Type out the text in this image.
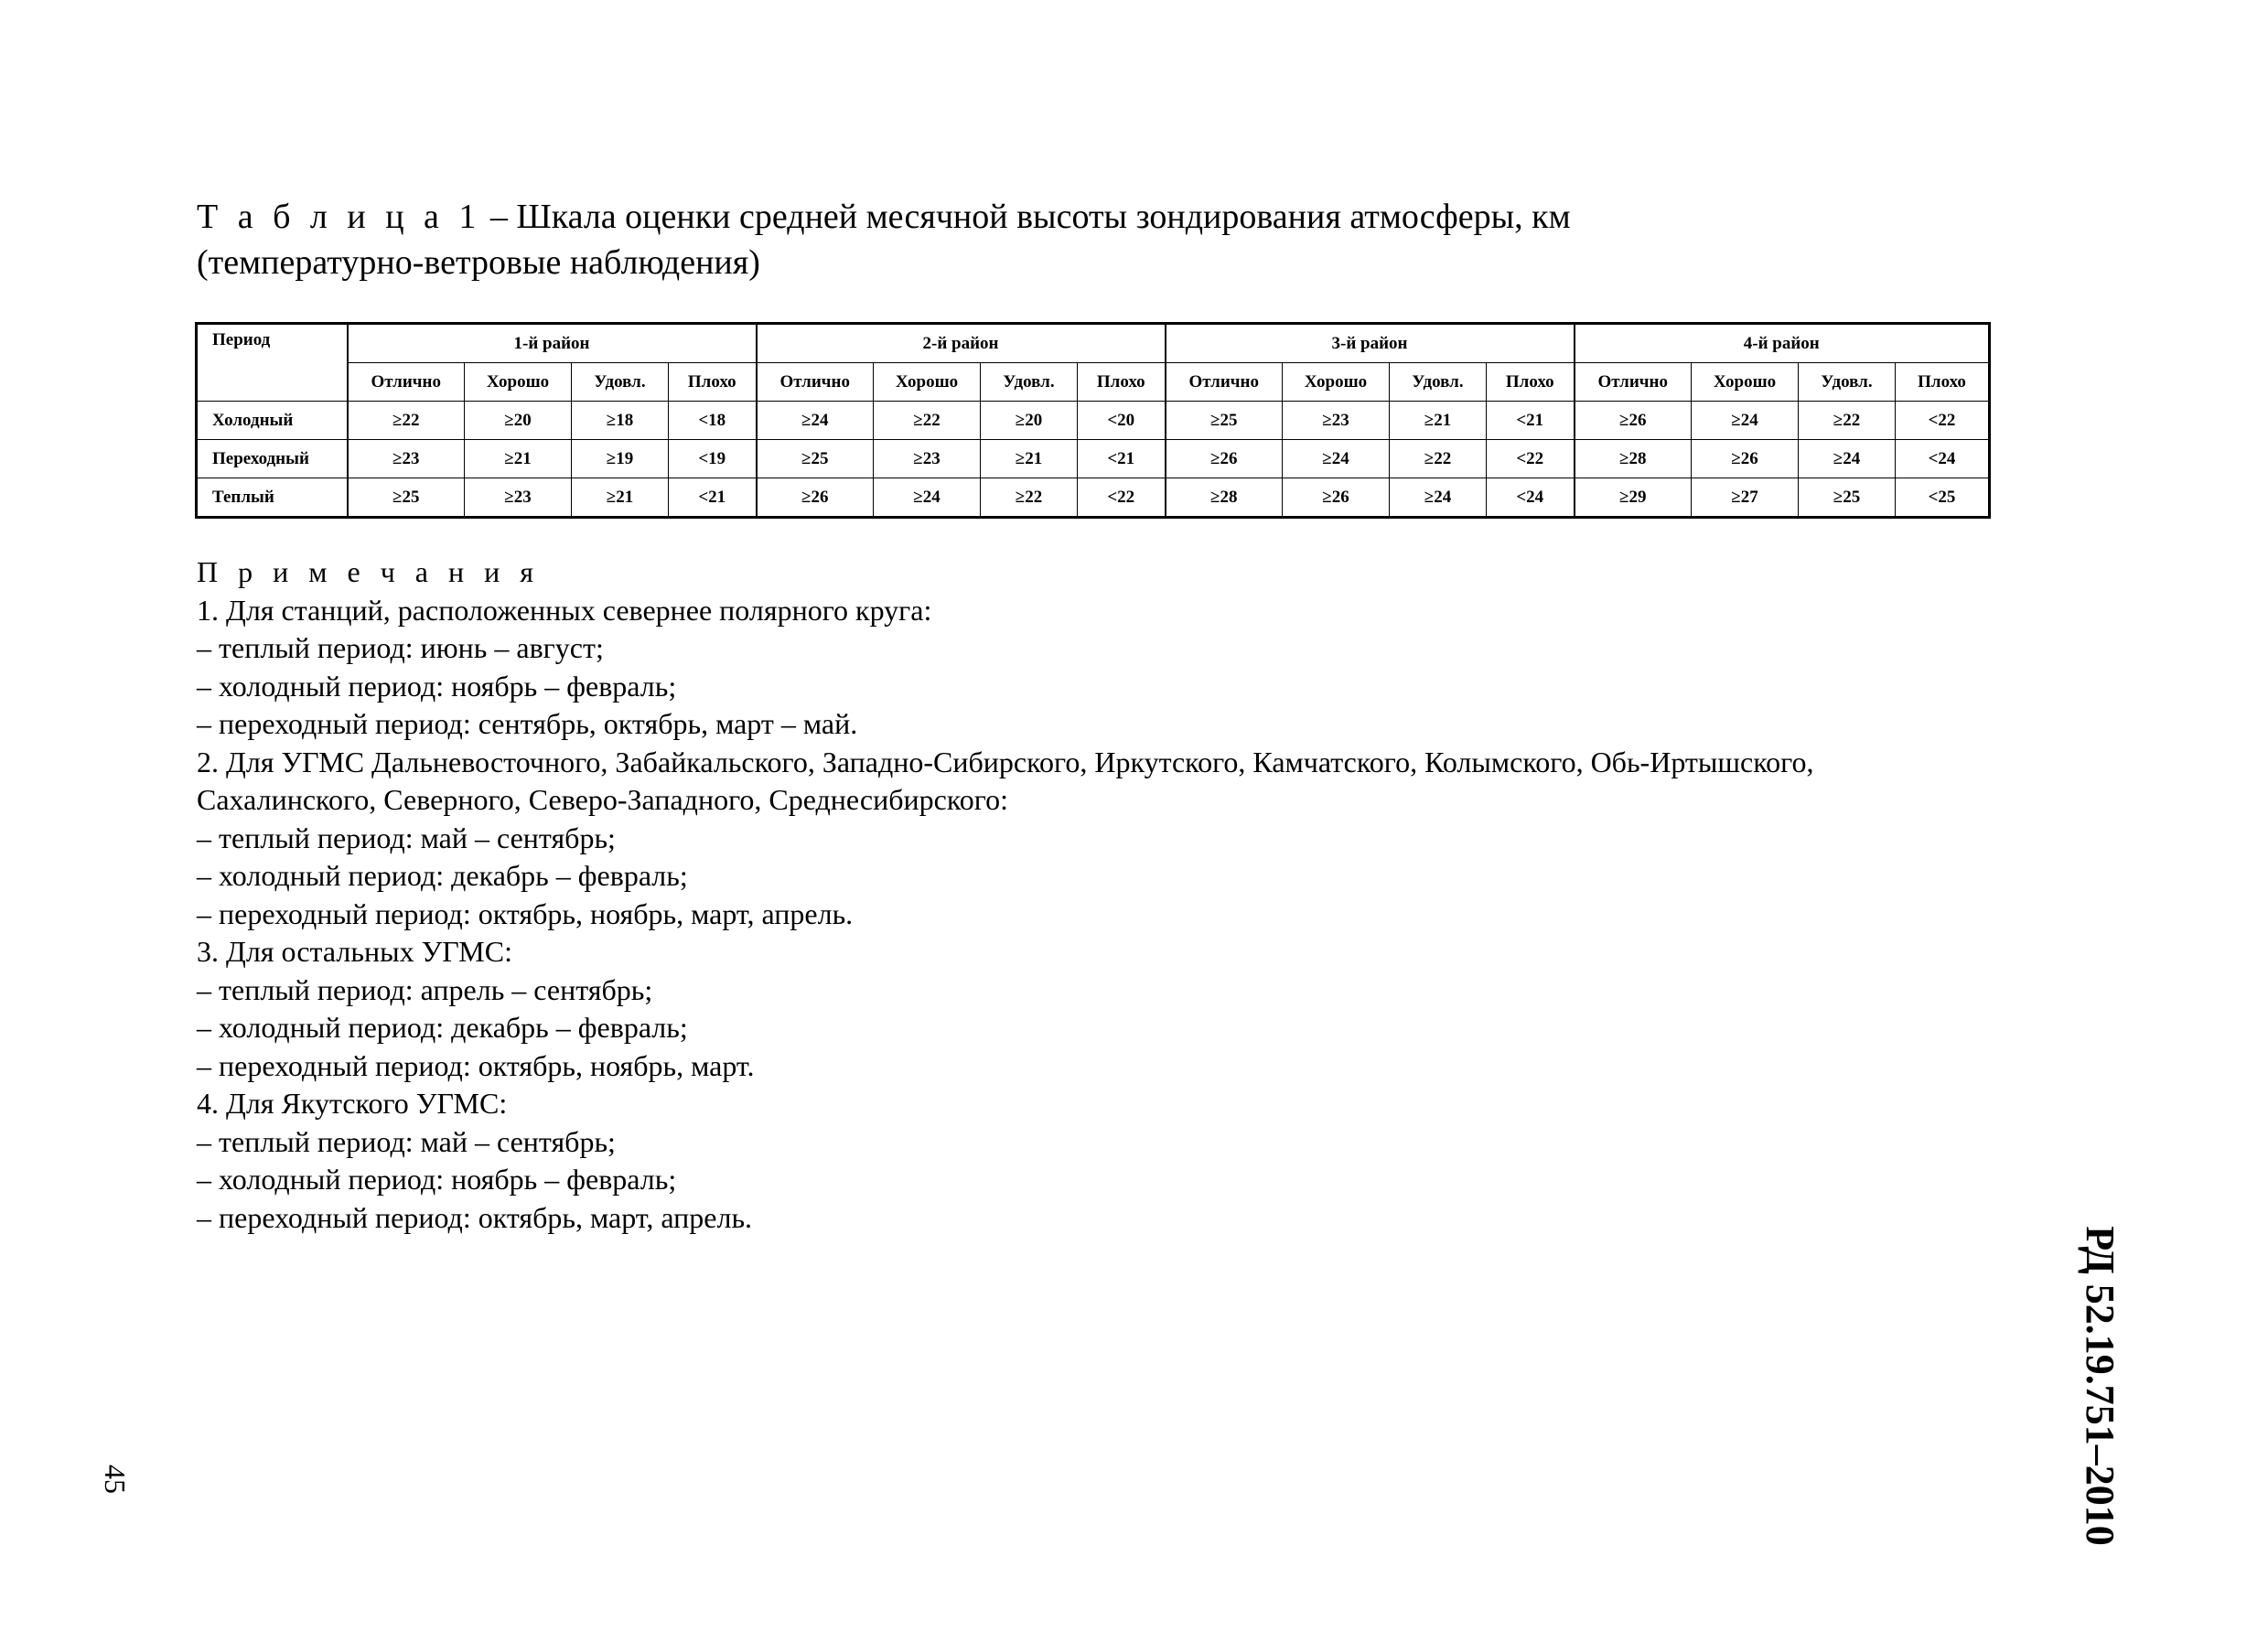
Т а б л и ц а 1 – Шкала оценки средней месячной высоты зондирования атмосферы, км
(температурно-ветровые наблюдения)
Период	1-й район				2-й район				3-й район				4-й район			
	Отлично	Хорошо	Удовл.	Плохо	Отлично	Хорошо	Удовл.	Плохо	Отлично	Хорошо	Удовл.	Плохо	Отлично	Хорошо	Удовл.	Плохо
Холодный	≥22	≥20	≥18	<18	≥24	≥22	≥20	<20	≥25	≥23	≥21	<21	≥26	≥24	≥22	<22
Переходный	≥23	≥21	≥19	<19	≥25	≥23	≥21	<21	≥26	≥24	≥22	<22	≥28	≥26	≥24	<24
Теплый	≥25	≥23	≥21	<21	≥26	≥24	≥22	<22	≥28	≥26	≥24	<24	≥29	≥27	≥25	<25
П р и м е ч а н и я
1. Для станций, расположенных севернее полярного круга:
– теплый период: июнь – август;
– холодный период: ноябрь – февраль;
– переходный период: сентябрь, октябрь, март – май.
2. Для УГМС Дальневосточного, Забайкальского, Западно-Сибирского, Иркутского, Камчатского, Колымского, Обь-Иртышского,
Сахалинского, Северного, Северо-Западного, Среднесибирского:
– теплый период: май – сентябрь;
– холодный период: декабрь – февраль;
– переходный период: октябрь, ноябрь, март, апрель.
3. Для остальных УГМС:
– теплый период: апрель – сентябрь;
– холодный период: декабрь – февраль;
– переходный период: октябрь, ноябрь, март.
4. Для Якутского УГМС:
– теплый период: май – сентябрь;
– холодный период: ноябрь – февраль;
– переходный период: октябрь, март, апрель.
45	РД 52.19.751–2010
